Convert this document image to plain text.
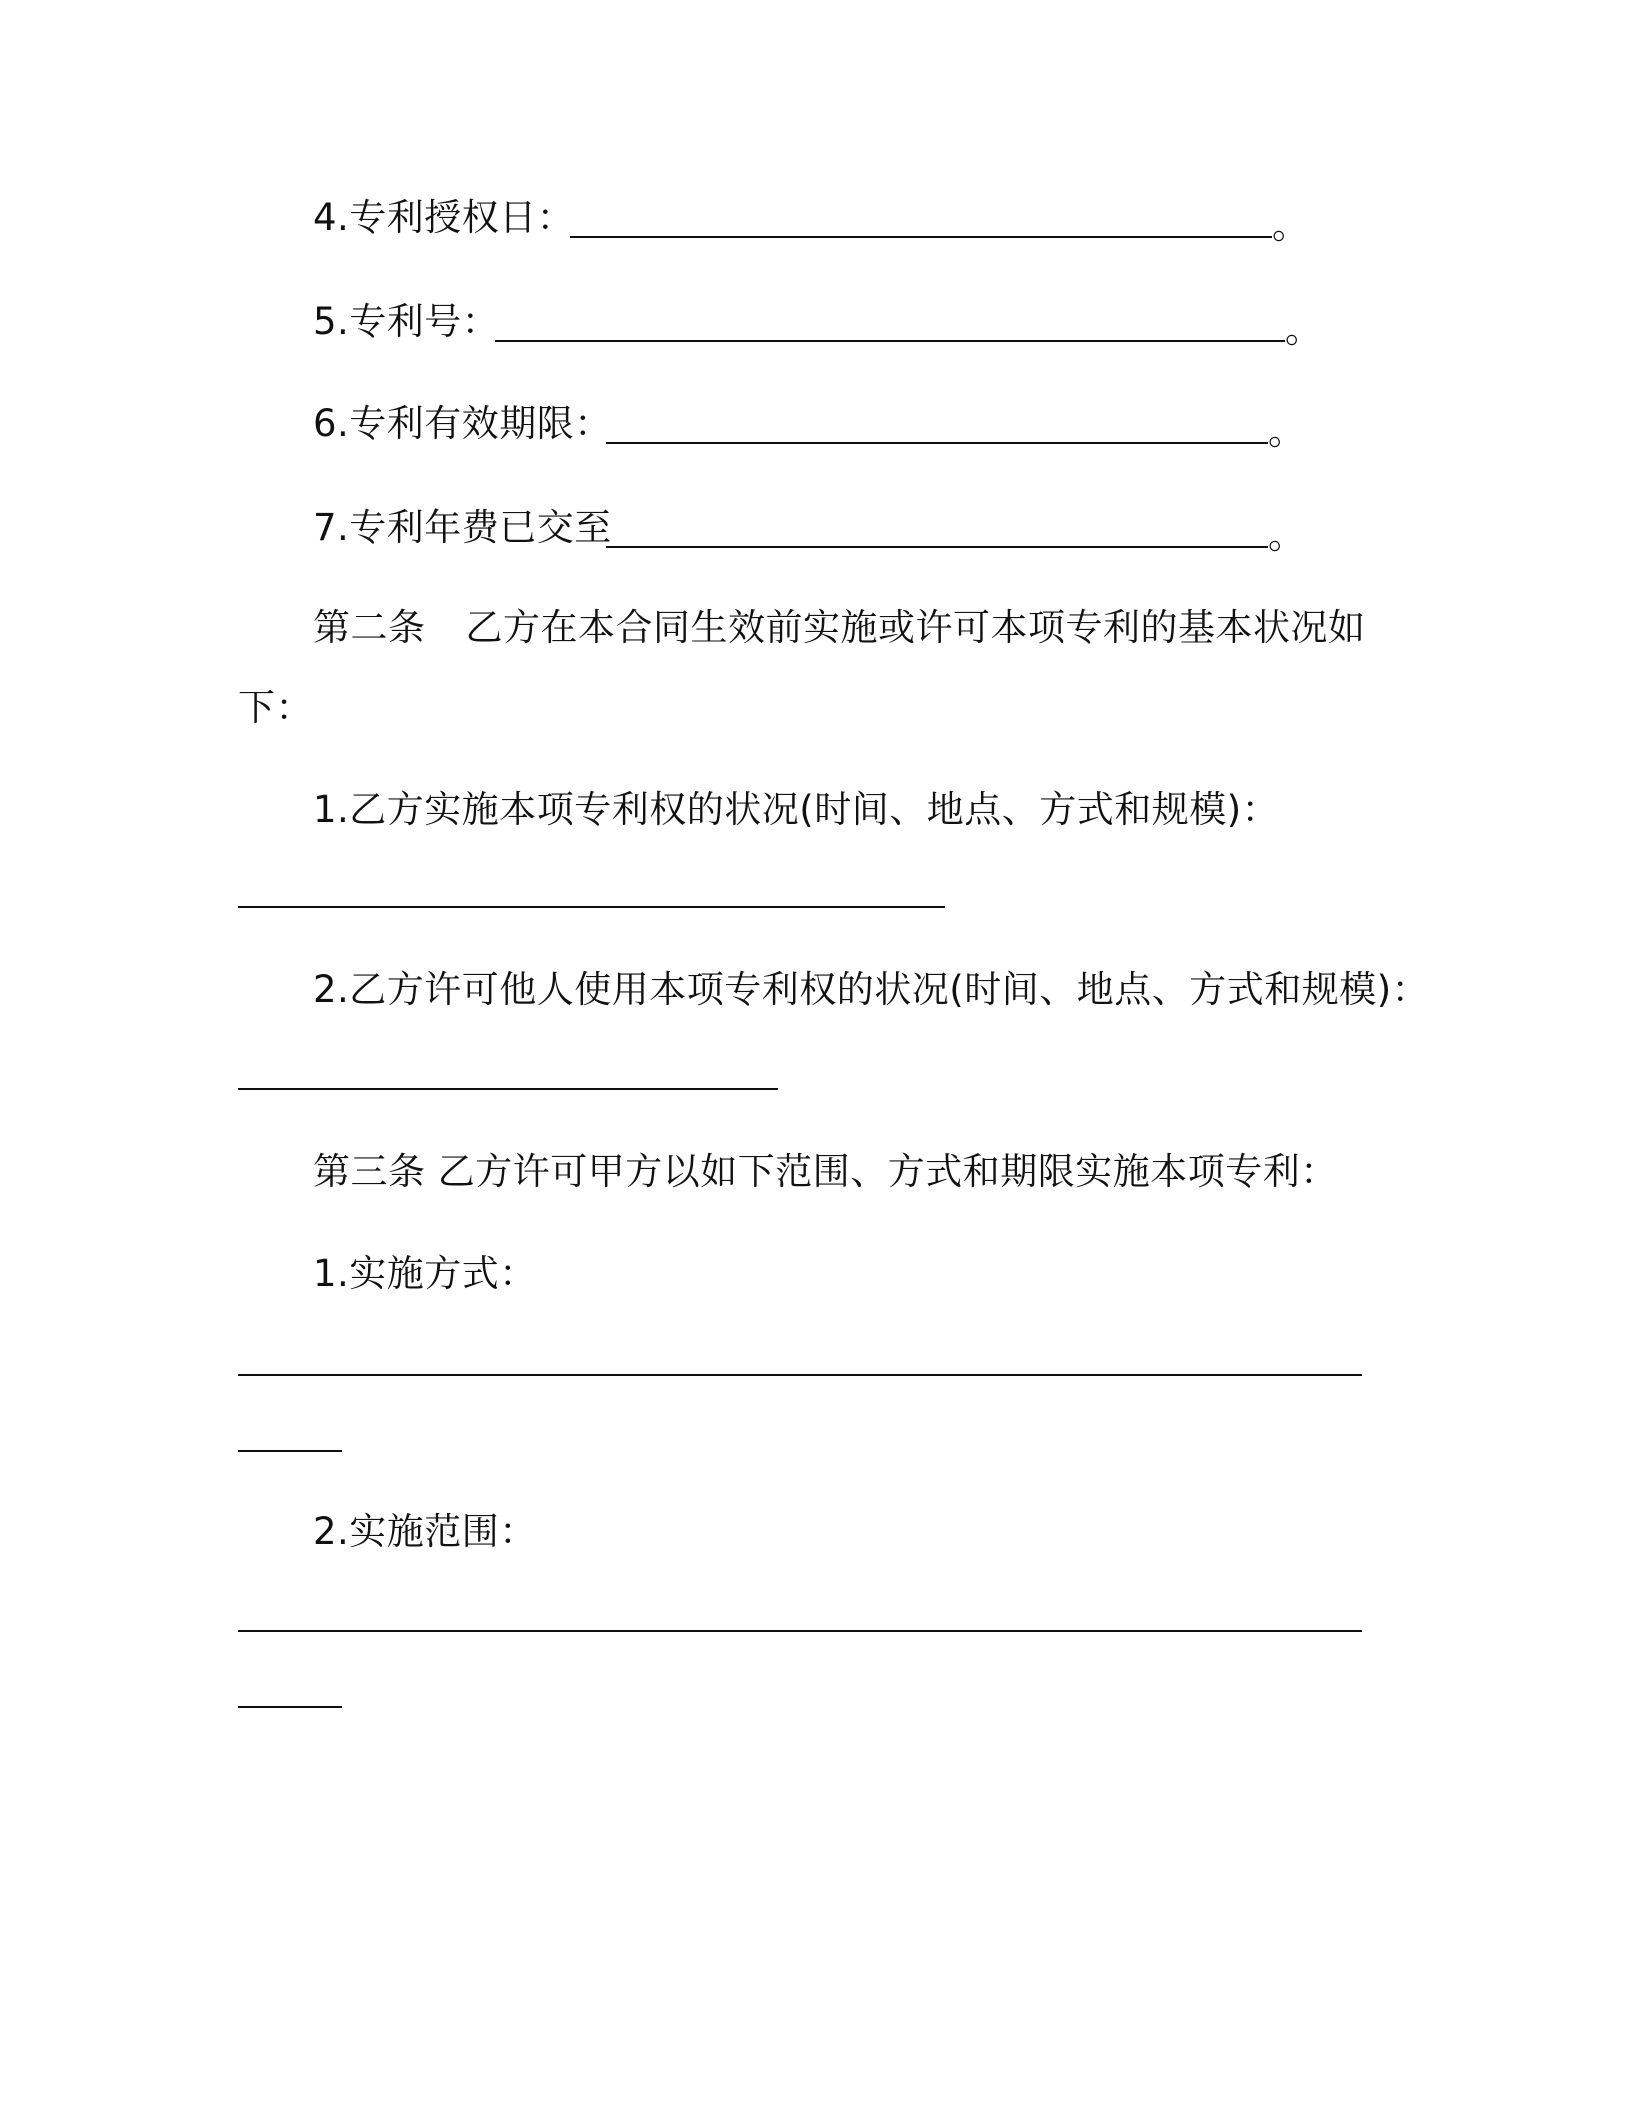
4.专利授权日：	。
5.专利号：	。
6.专利有效期限：	。
7.专利年费已交至	。
第二条 乙方在本合同生效前实施或许可本项专利的基本状况如
下：
1.乙方实施本项专利权的状况(时间、地点、方式和规模)：
2.乙方许可他人使用本项专利权的状况(时间、地点、方式和规模)：
第三条 乙方许可甲方以如下范围、方式和期限实施本项专利：
1.实施方式：
2.实施范围：
